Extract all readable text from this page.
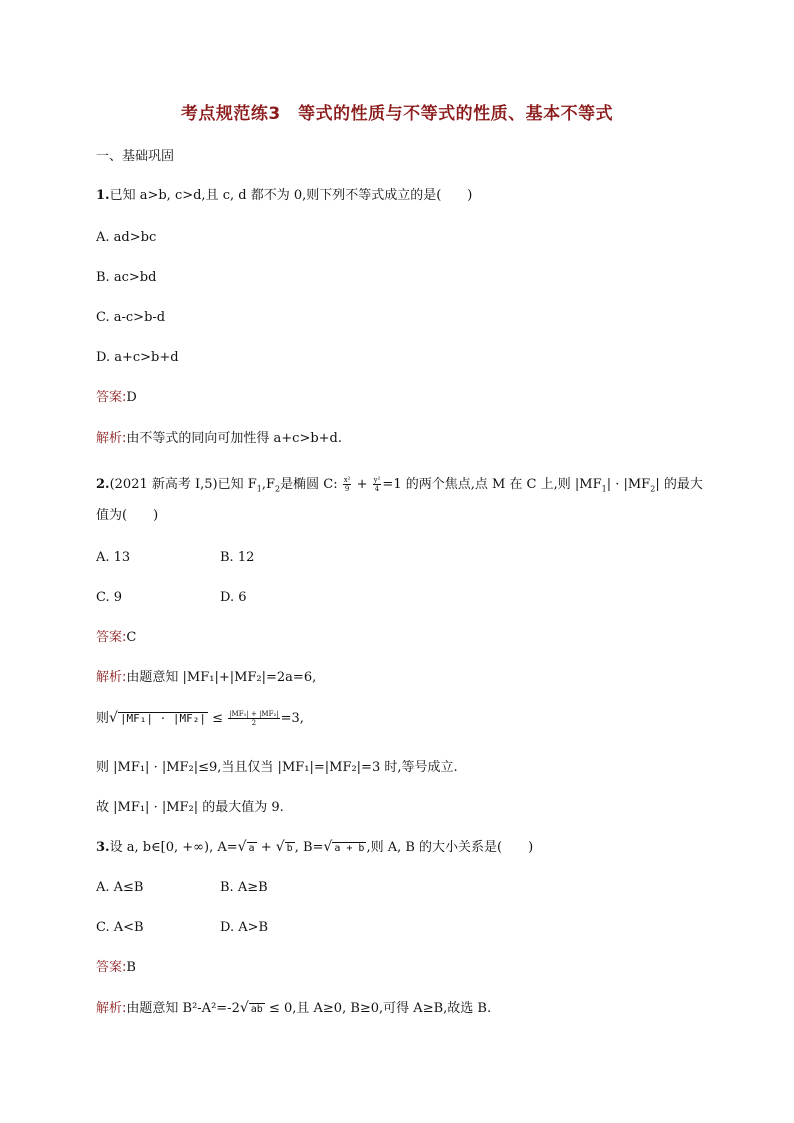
考点规范练3　等式的性质与不等式的性质、基本不等式
一、基础巩固
1.已知 a>b, c>d,且 c, d 都不为 0,则下列不等式成立的是(　　)
A. ad>bc
B. ac>bd
C. a-c>b-d
D. a+c>b+d
答案:D
解析:由不等式的同向可加性得 a+c>b+d.
2.(2021 新高考 Ⅰ,5)已知 $F_1,F_2$是椭圆 C: $\frac{\text{x²}}{9} + \frac{\text{y²}}{4} =1$ 的两个焦点,点 M 在 C 上,则 $|MF_1| \cdot |MF_2|$ 的最大
值为(　　)
A. 13	B. 12
C. 9	D. 6
答案:C
解析:由题意知 |MF₁|+|MF₂|=2a=6,
则√ $|MF_1| \cdot |MF_2| \le \frac{\text{|MF₁| + |MF₂|}}{2} =3$,
则 |MF₁| · |MF₂|≤9,当且仅当 |MF₁|=|MF₂|=3 时,等号成立.
故 |MF₁| · |MF₂| 的最大值为 9.
3.设 a, b∈[0, +∞), A=√ a + √ b , B=√ a + b ,则 A, B 的大小关系是(　　)
A. A≤B	B. A≥B
C. A<B	D. A>B
答案:B
解析:由题意知 B²-A²=-2√ ab ≤ 0,且 A≥0, B≥0,可得 A≥B,故选 B.
